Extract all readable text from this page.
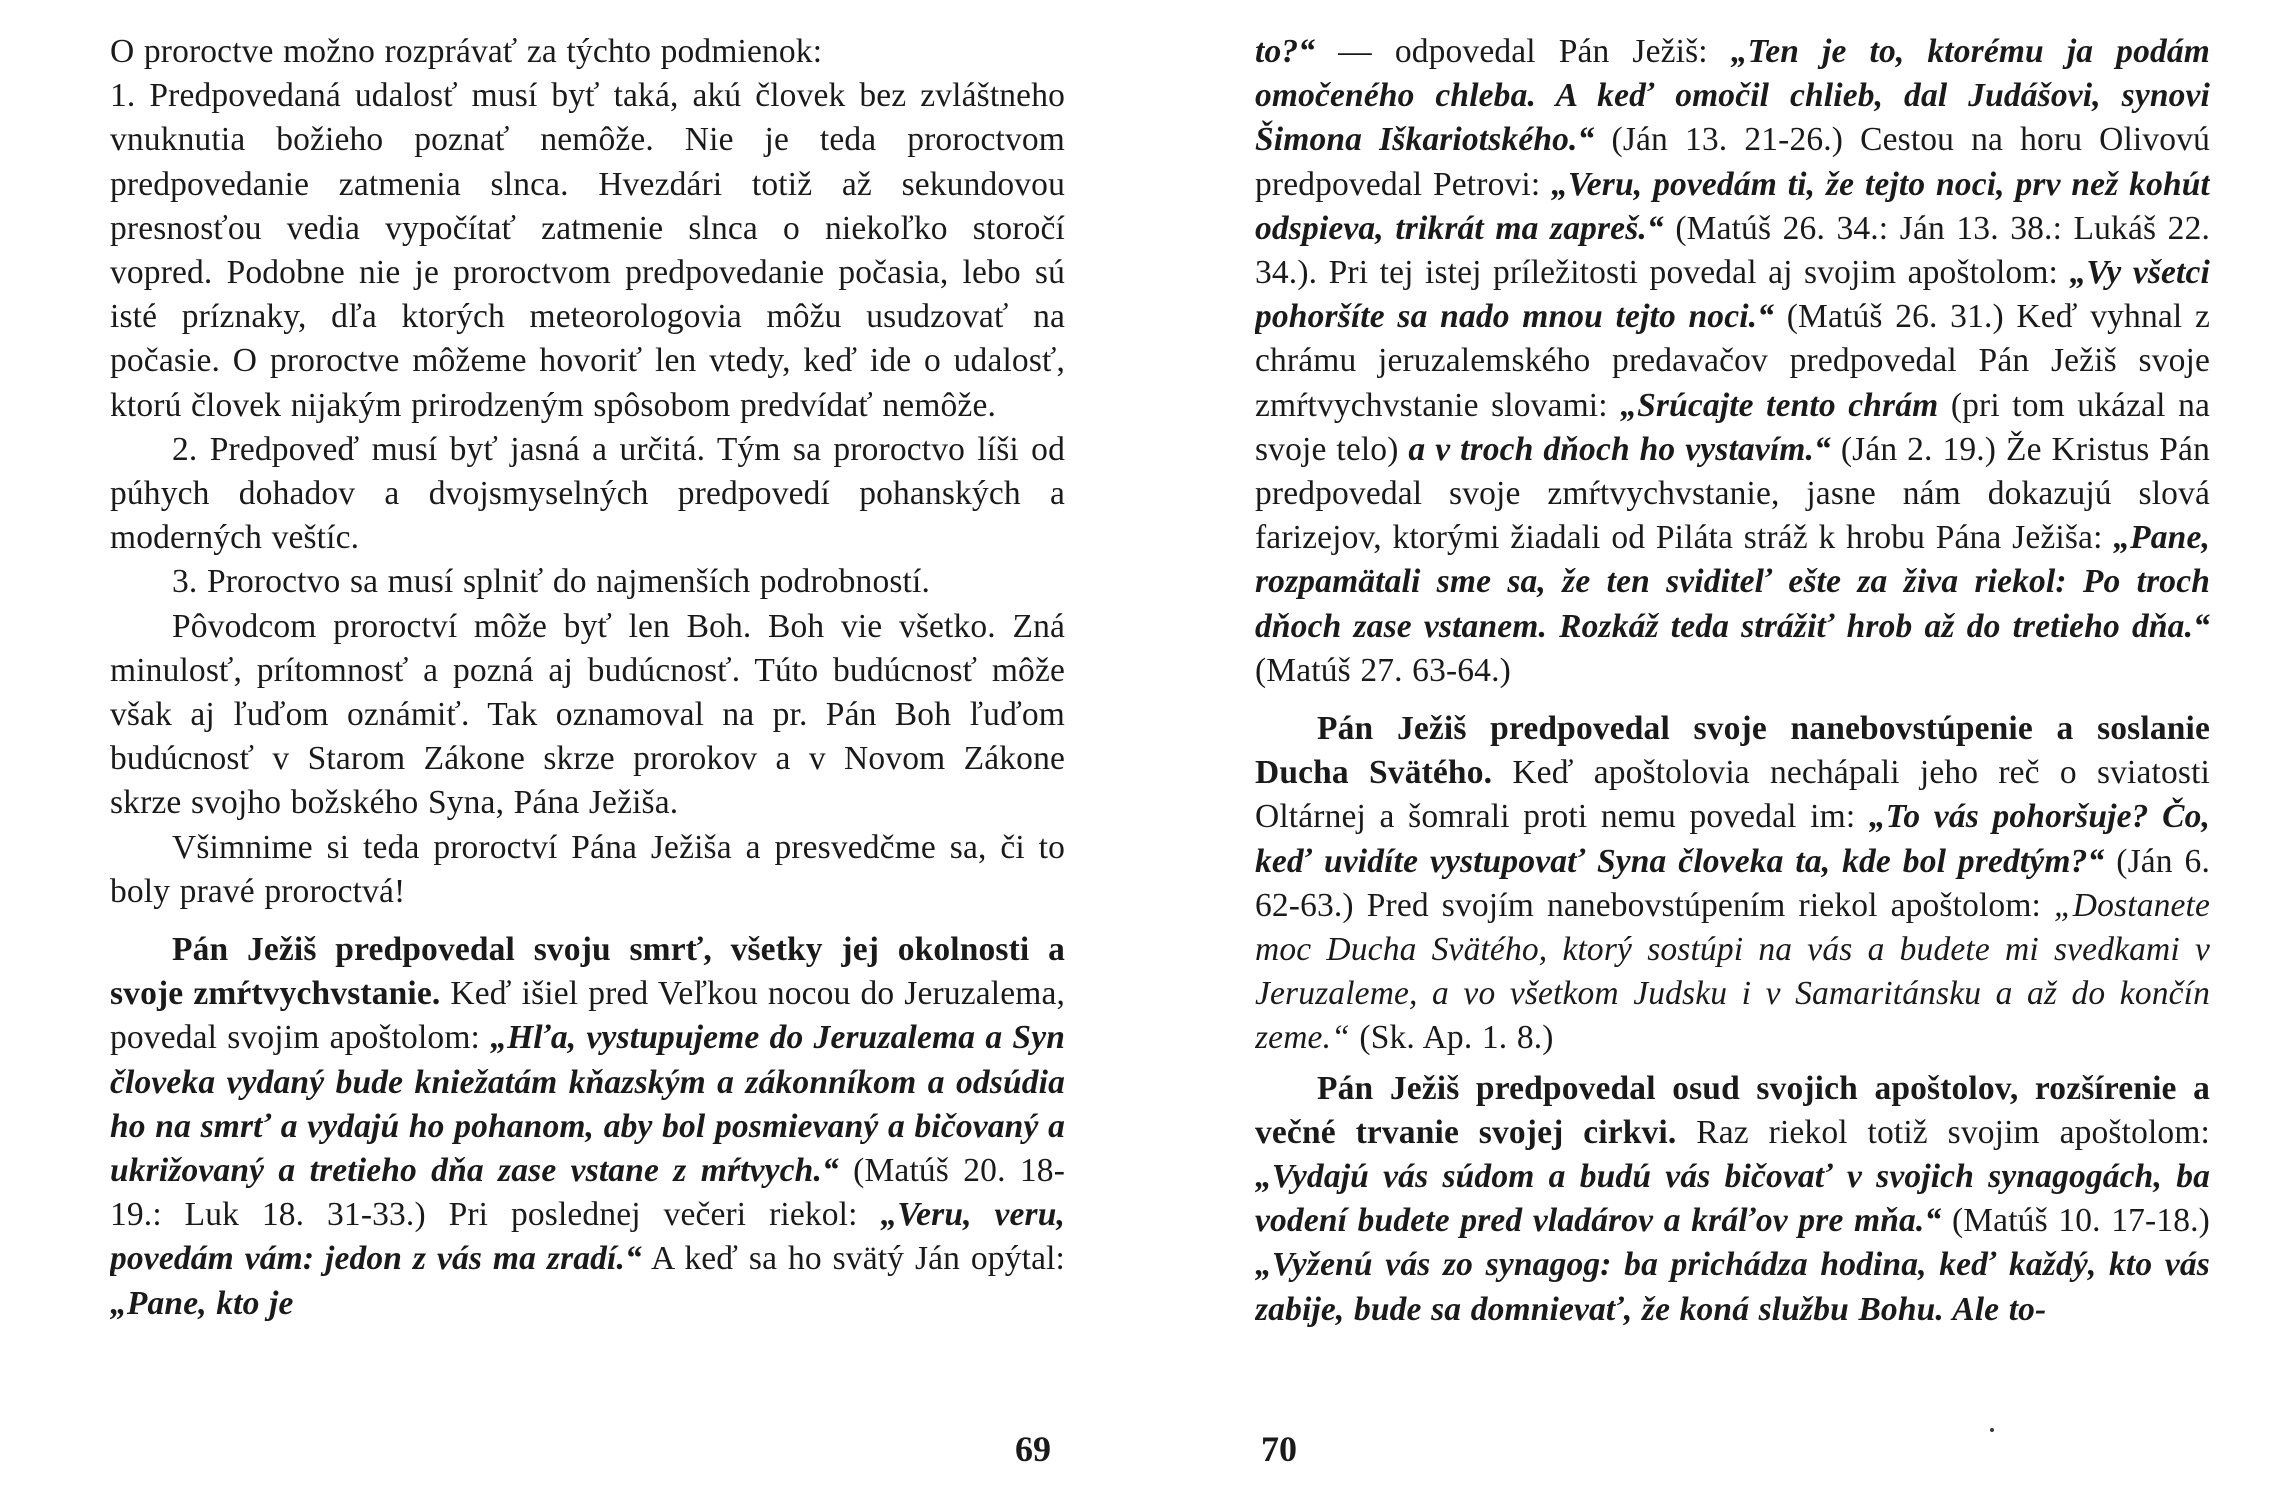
O proroctve možno rozprávať za týchto podmienok:

1. Predpovedaná udalosť musí byť taká, akú človek bez zvláštneho vnuknutia božieho poznať nemôže. Nie je teda proroctvom predpovedanie zatmenia slnca. Hvezdári totiž až sekundovou presnosťou vedia vypočítať zatmenie slnca o niekoľko storočí vopred. Podobne nie je proroctvom predpovedanie počasia, lebo sú isté príznaky, dľa ktorých meteorologovia môžu usudzovať na počasie. O proroctve môžeme hovoriť len vtedy, keď ide o udalosť, ktorú človek nijakým prirodzeným spôsobom predvídať nemôže.

2. Predpoveď musí byť jasná a určitá. Tým sa proroctvo líši od púhych dohadov a dvojsmyselných predpovedí pohanských a moderných veštíc.

3. Proroctvo sa musí splniť do najmenších podrobností.

Pôvodcom proroctví môže byť len Boh. Boh vie všetko. Zná minulosť, prítomnosť a pozná aj budúcnosť. Túto budúcnosť môže však aj ľuďom oznámiť. Tak oznamoval na pr. Pán Boh ľuďom budúcnosť v Starom Zákone skrze prorokov a v Novom Zákone skrze svojho božského Syna, Pána Ježiša.

Všimnime si teda proroctví Pána Ježiša a presvedčme sa, či to boly pravé proroctvá!

Pán Ježiš predpovedal svoju smrť, všetky jej okolnosti a svoje zmŕtvychvstanie. Keď išiel pred Veľkou nocou do Jeruzalema, povedal svojim apoštolom: „Hľa, vystupujeme do Jeruzalema a Syn človeka vydaný bude kniežatám kňazským a zákonníkom a odsúdia ho na smrť a vydajú ho pohanom, aby bol posmievaný a bičovaný a ukrižovaný a tretieho dňa zase vstane z mŕtvych.“ (Matúš 20. 18-19.: Luk 18. 31-33.) Pri poslednej večeri riekol: „Veru, veru, povedám vám: jedon z vás ma zradí.“ A keď sa ho svätý Ján opýtal: „Pane, kto je

69

to?“ — odpovedal Pán Ježiš: „Ten je to, ktorému ja podám omočeného chleba. A keď omočil chlieb, dal Judášovi, synovi Šimona Iškariotského.“ (Ján 13. 21-26.) Cestou na horu Olivovú predpovedal Petrovi: „Veru, povedám ti, že tejto noci, prv než kohút odspieva, trikrát ma zapreš.“ (Matúš 26. 34.: Ján 13. 38.: Lukáš 22. 34.). Pri tej istej príležitosti povedal aj svojim apoštolom: „Vy všetci pohoršíte sa nado mnou tejto noci.“ (Matúš 26. 31.) Keď vyhnal z chrámu jeruzalemského predavačov predpovedal Pán Ježiš svoje zmŕtvychvstanie slovami: „Srúcajte tento chrám (pri tom ukázal na svoje telo) a v troch dňoch ho vystavím.“ (Ján 2. 19.) Že Kristus Pán predpovedal svoje zmŕtvychvstanie, jasne nám dokazujú slová farizejov, ktorými žiadali od Piláta stráž k hrobu Pána Ježiša: „Pane, rozpamätali sme sa, že ten sviditeľ ešte za živa riekol: Po troch dňoch zase vstanem. Rozkáž teda strážiť hrob až do tretieho dňa.“ (Matúš 27. 63-64.)

Pán Ježiš predpovedal svoje nanebovstúpenie a soslanie Ducha Svätého. Keď apoštolovia nechápali jeho reč o sviatosti Oltárnej a šomrali proti nemu povedal im: „To vás pohoršuje? Čo, keď uvidíte vystupovať Syna človeka ta, kde bol predtým?“ (Ján 6. 62-63.) Pred svojím nanebovstúpením riekol apoštolom: „Dostanete moc Ducha Svätého, ktorý sostúpi na vás a budete mi svedkami v Jeruzaleme, a vo všetkom Judsku i v Samaritánsku a až do končín zeme.“ (Sk. Ap. 1. 8.)

Pán Ježiš predpovedal osud svojich apoštolov, rozšírenie a večné trvanie svojej cirkvi. Raz riekol totiž svojim apoštolom: „Vydajú vás súdom a budú vás bičovať v svojich synagogách, ba vodení budete pred vladárov a kráľov pre mňa.“ (Matúš 10. 17-18.) „Vyženú vás zo synagog: ba prichádza hodina, keď každý, kto vás zabije, bude sa domnievať, že koná službu Bohu. Ale to-

70
